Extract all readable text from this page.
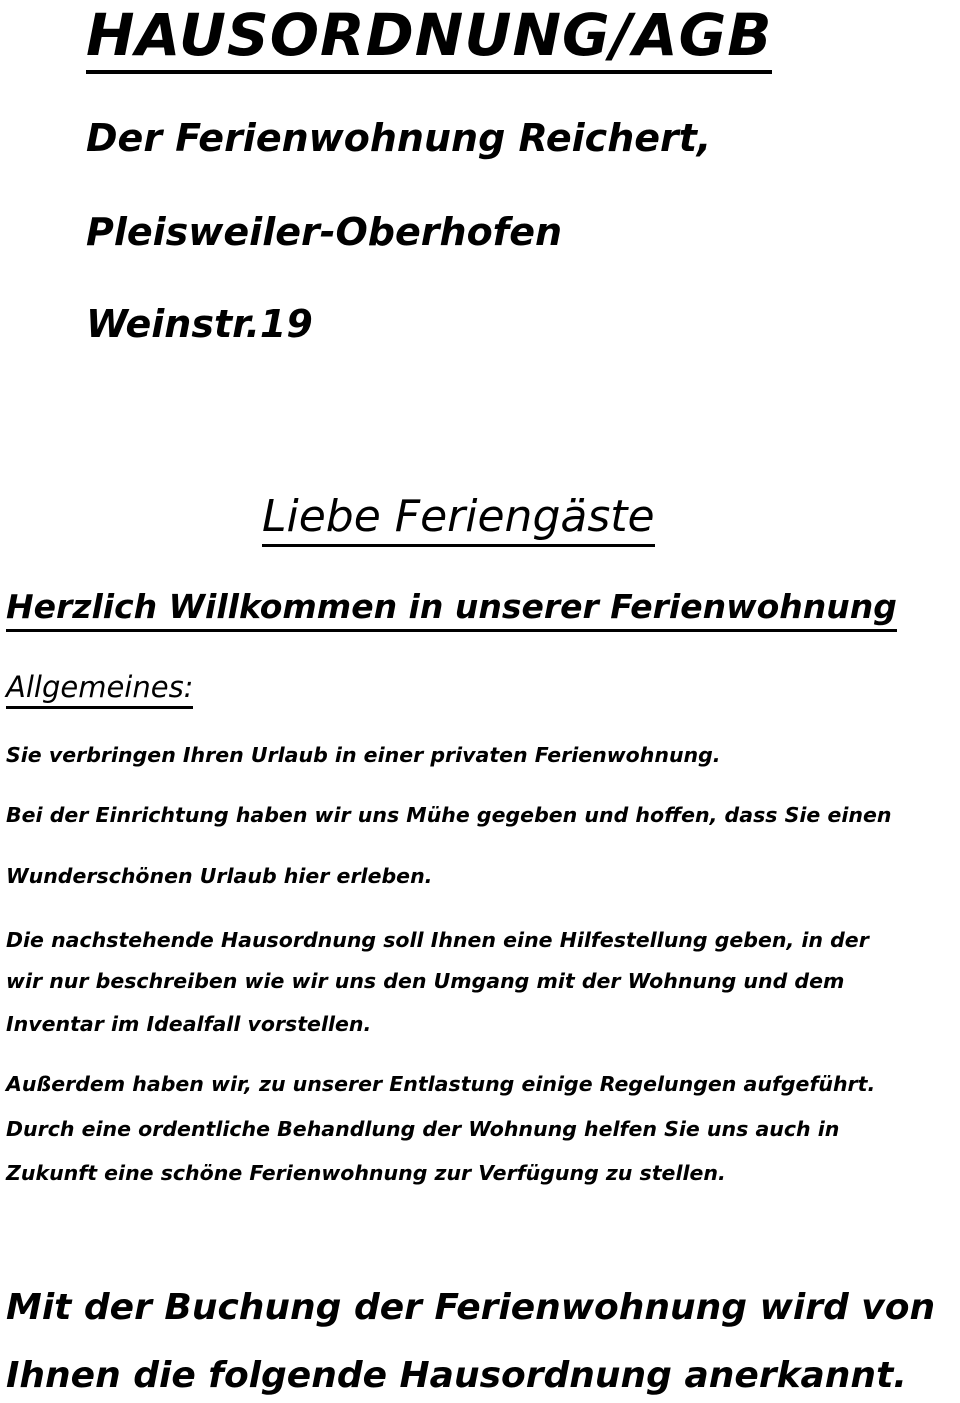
HAUSORDNUNG/AGB
Der Ferienwohnung Reichert,
Pleisweiler-Oberhofen
Weinstr.19
Liebe Feriengäste
Herzlich Willkommen in unserer Ferienwohnung
Allgemeines:

Sie verbringen Ihren Urlaub in einer privaten Ferienwohnung.

Bei der Einrichtung haben wir uns Mühe gegeben und hoffen, dass Sie einen

Wunderschönen Urlaub hier erleben.

Die nachstehende Hausordnung soll Ihnen eine Hilfestellung geben, in der

wir nur beschreiben wie wir uns den Umgang mit der Wohnung und dem

Inventar im Idealfall vorstellen.

Außerdem haben wir, zu unserer Entlastung einige Regelungen aufgeführt.

Durch eine ordentliche Behandlung der Wohnung helfen Sie uns auch in

Zukunft eine schöne Ferienwohnung zur Verfügung zu stellen.

Mit der Buchung der Ferienwohnung wird von
Ihnen die folgende Hausordnung anerkannt.
